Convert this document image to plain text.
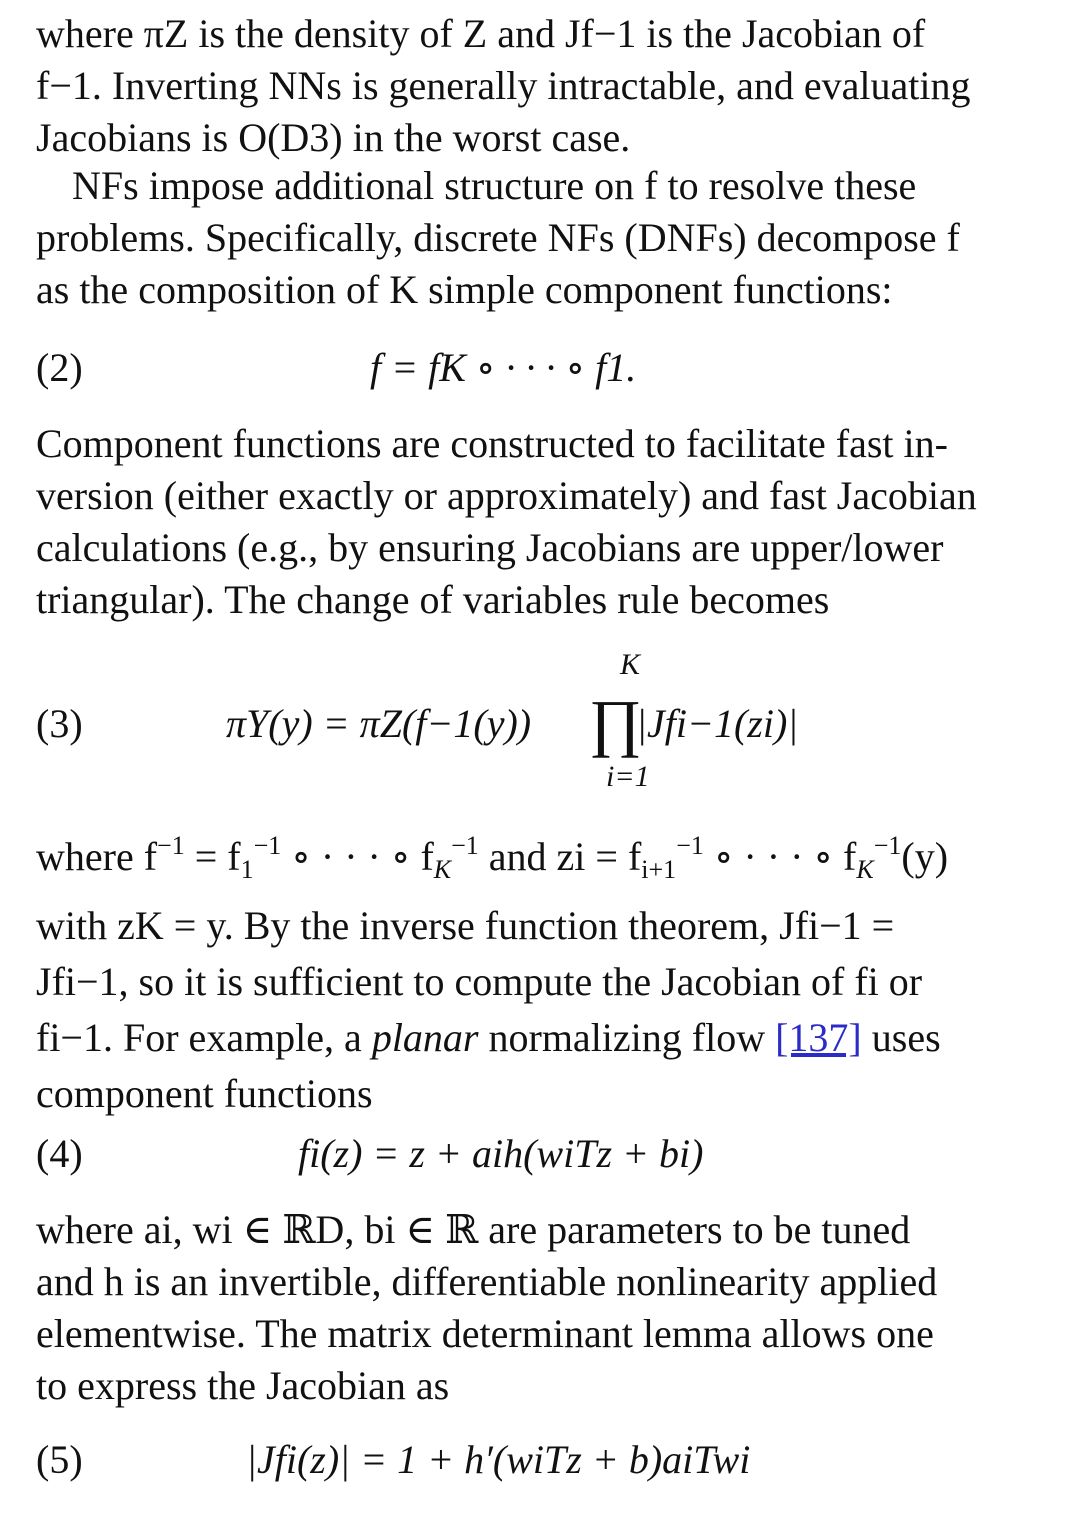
where πZ is the density of Z and Jf−1 is the Jacobian of
f−1. Inverting NNs is generally intractable, and evaluating
Jacobians is O(D3) in the worst case.

NFs impose additional structure on f to resolve these
problems. Specifically, discrete NFs (DNFs) decompose f
as the composition of K simple component functions:

(2)	f = fK ∘ · · · ∘ f1.

Component functions are constructed to facilitate fast in-
version (either exactly or approximately) and fast Jacobian
calculations (e.g., by ensuring Jacobians are upper/lower
triangular). The change of variables rule becomes

(3)	πY(y) = πZ(f−1(y)) ∏
K
i=1
|Jfi−1(zi)|

where $f^{-1} = f_1^{-1}$ ∘ · · · ∘ $f_K^{-1}$ and zi = $f_{i+1}^{-1}$ ∘ · · · ∘ $f_K^{-1}(y)$
with zK = y. By the inverse function theorem, Jfi−1 =
Jfi−1, so it is sufficient to compute the Jacobian of fi or
fi−1. For example, a planar normalizing flow [137] uses
component functions

(4)	fi(z) = z + aih(wiTz + bi)

where ai, wi ∈ ℝD, bi ∈ ℝ are parameters to be tuned
and h is an invertible, differentiable nonlinearity applied
elementwise. The matrix determinant lemma allows one
to express the Jacobian as

(5)	|Jfi(z)| = 1 + h′(wiTz + b)aiTwi
